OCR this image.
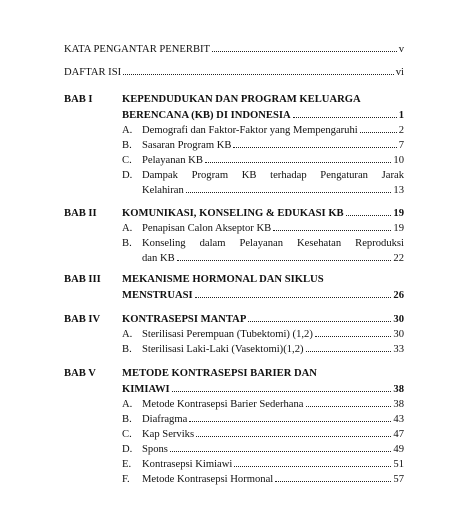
KATA PENGANTAR PENERBIT	v
DAFTAR ISI	vi
BAB I	KEPENDUDUKAN DAN PROGRAM KELUARGA
BERENCANA (KB) DI INDONESIA	1
A. Demografi dan Faktor-Faktor yang Mempengaruhi	2
B. Sasaran Program KB	7
C. Pelayanan KB	10
D. Dampak Program KB terhadap Pengaturan Jarak
Kelahiran	13
BAB II KOMUNIKASI, KONSELING & EDUKASI KB	19
A. Penapisan Calon Akseptor KB	19
B. Konseling dalam Pelayanan Kesehatan Reproduksi
dan KB	22
BAB III MEKANISME HORMONAL DAN SIKLUS
MENSTRUASI	26
BAB IV KONTRASEPSI MANTAP	30
A. Sterilisasi Perempuan (Tubektomi) (1,2)	30
B. Sterilisasi Laki-Laki (Vasektomi)(1,2)	33
BAB V METODE KONTRASEPSI BARIER DAN
KIMIAWI	38
A. Metode Kontrasepsi Barier Sederhana	38
B. Diafragma	43
C. Kap Serviks	47
D. Spons	49
E.	Kontrasepsi Kimiawi	51
F.	Metode Kontrasepsi Hormonal	57
